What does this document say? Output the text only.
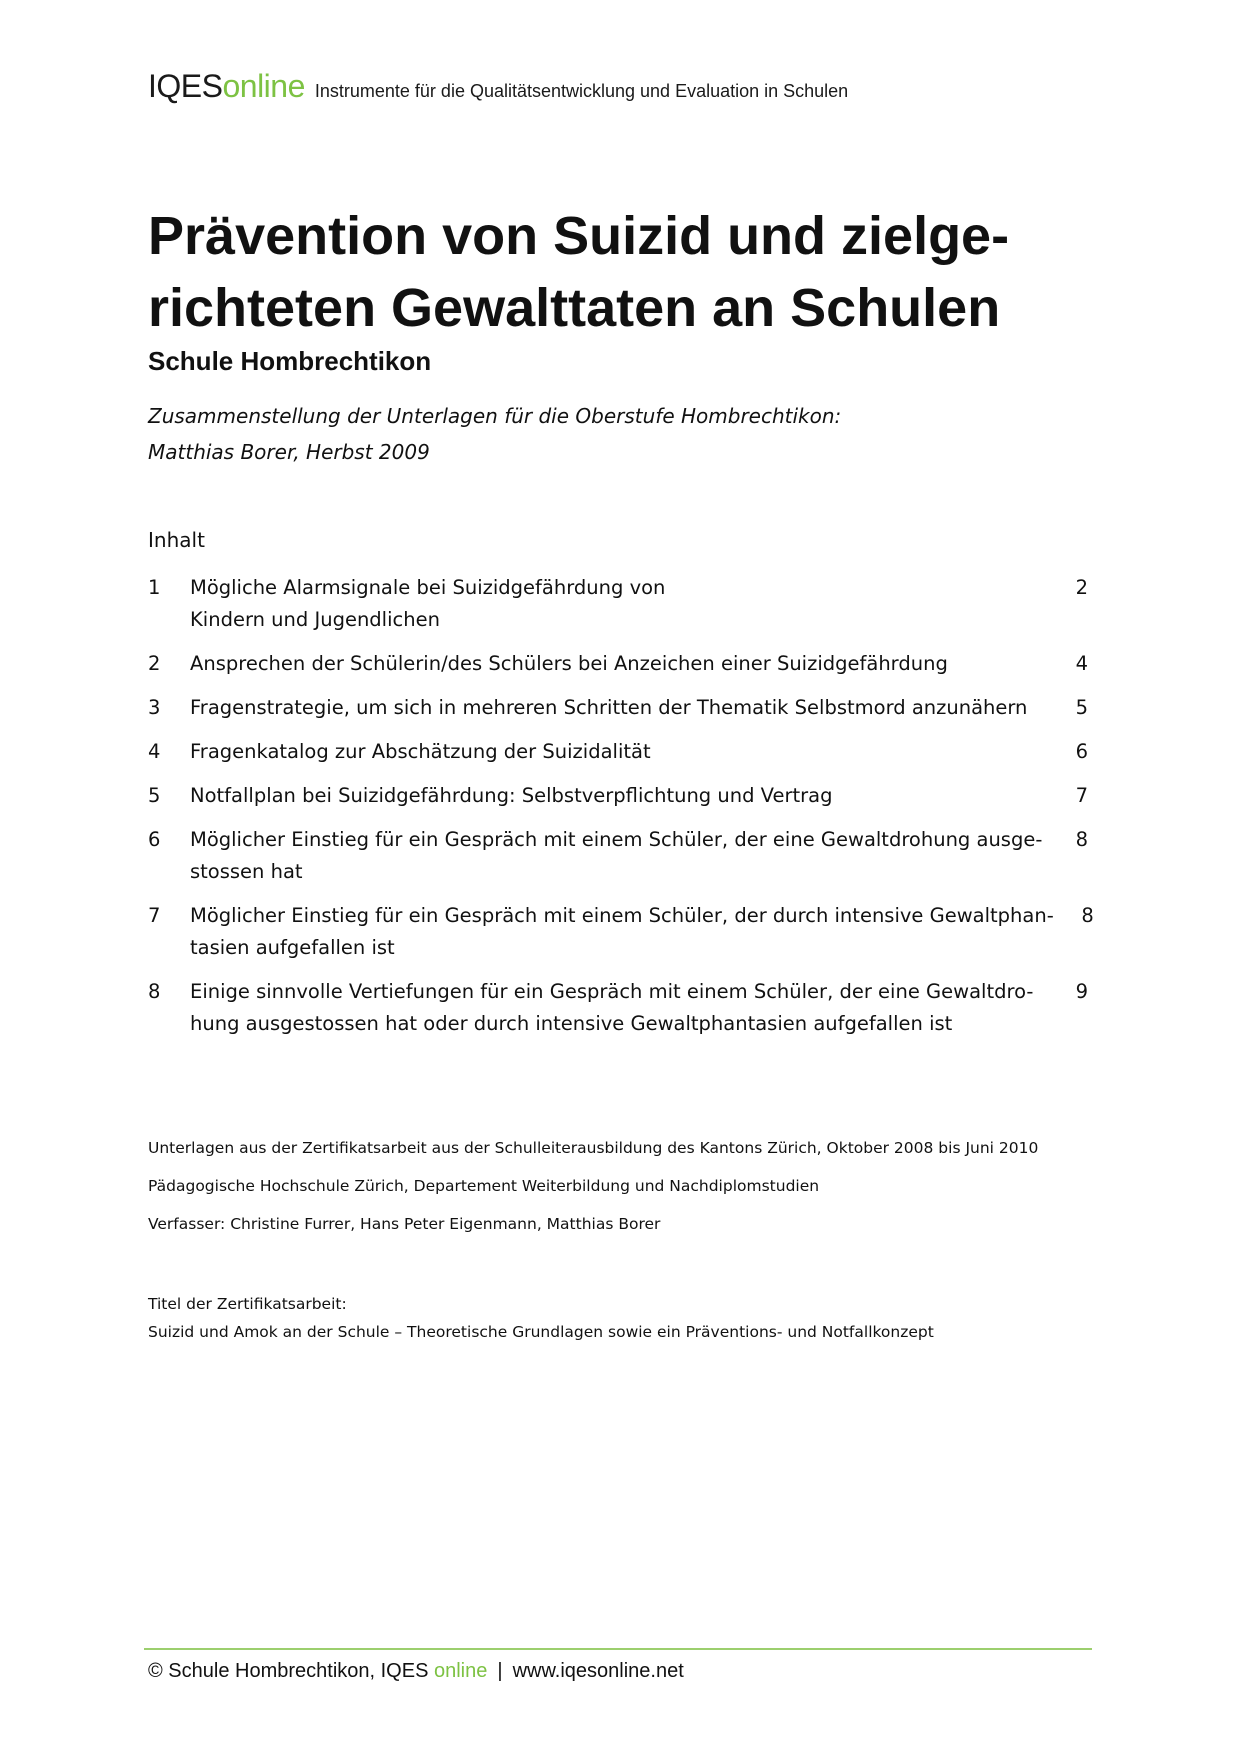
IQESonline Instrumente für die Qualitätsentwicklung und Evaluation in Schulen
Prävention von Suizid und zielge-
richteten Gewalttaten an Schulen
Schule Hombrechtikon

Zusammenstellung der Unterlagen für die Oberstufe Hombrechtikon:
Matthias Borer, Herbst 2009

Inhalt

1	Mögliche Alarmsignale bei Suizidgefährdung von
Kindern und Jugendlichen
2
2	Ansprechen der Schülerin/des Schülers bei Anzeichen einer Suizidgefährdung	4
3	Fragenstrategie, um sich in mehreren Schritten der Thematik Selbstmord anzunähern	5
4	Fragenkatalog zur Abschätzung der Suizidalität	6
5	Notfallplan bei Suizidgefährdung: Selbstverpflichtung und Vertrag	7
6	Möglicher Einstieg für ein Gespräch mit einem Schüler, der eine Gewaltdrohung ausge-
stossen hat
8
7	Möglicher Einstieg für ein Gespräch mit einem Schüler, der durch intensive Gewaltphan-
tasien aufgefallen ist
8
8	Einige sinnvolle Vertiefungen für ein Gespräch mit einem Schüler, der eine Gewaltdro-
hung ausgestossen hat oder durch intensive Gewaltphantasien aufgefallen ist
9

Unterlagen aus der Zertifikatsarbeit aus der Schulleiterausbildung des Kantons Zürich, Oktober 2008 bis Juni 2010

Pädagogische Hochschule Zürich, Departement Weiterbildung und Nachdiplomstudien

Verfasser: Christine Furrer, Hans Peter Eigenmann, Matthias Borer

Titel der Zertifikatsarbeit:
Suizid und Amok an der Schule – Theoretische Grundlagen sowie ein Präventions- und Notfallkonzept
© Schule Hombrechtikon, IQES online | www.iqesonline.net
